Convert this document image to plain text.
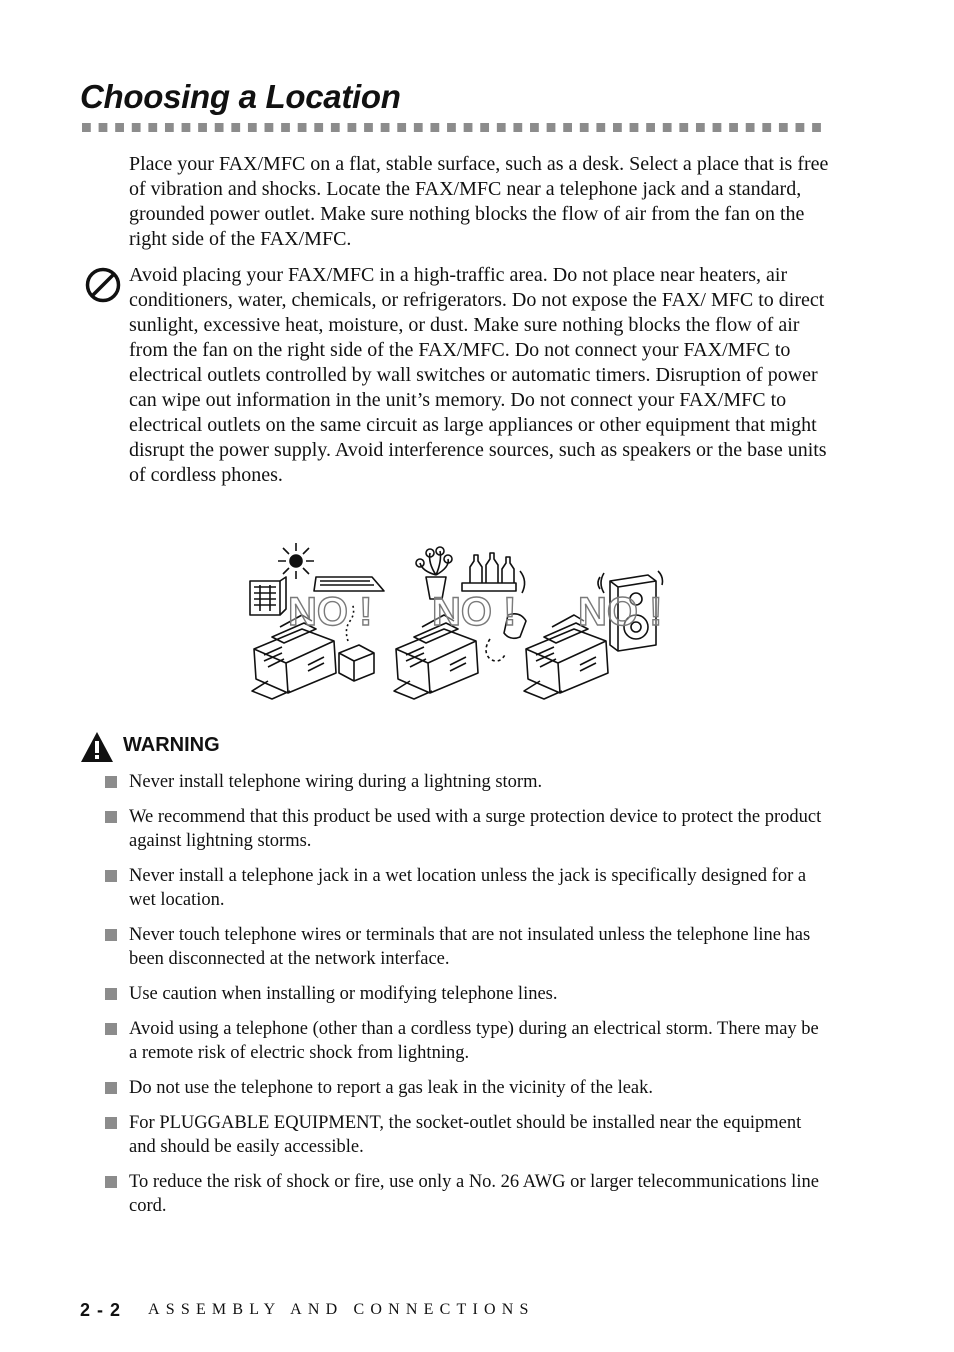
Choosing a Location

Place your FAX/MFC on a flat, stable surface, such as a desk. Select a place that is free of vibration and shocks. Locate the FAX/MFC near a telephone jack and a standard, grounded power outlet. Make sure nothing blocks the flow of air from the fan on the right side of the FAX/MFC.

Avoid placing your FAX/MFC in a high-traffic area. Do not place near heaters, air conditioners, water, chemicals, or refrigerators. Do not expose the FAX/ MFC to direct sunlight, excessive heat, moisture, or dust. Make sure nothing blocks the flow of air from the fan on the right side of the FAX/MFC. Do not connect your FAX/MFC to electrical outlets controlled by wall switches or automatic timers. Disruption of power can wipe out information in the unit’s memory. Do not connect your FAX/MFC to electrical outlets on the same circuit as large appliances or other equipment that might disrupt the power supply. Avoid interference sources, such as speakers or the base units of cordless phones.

NO ! NO ! NO !
WARNING
Never install telephone wiring during a lightning storm.
We recommend that this product be used with a surge protection device to protect the product against lightning storms.
Never install a telephone jack in a wet location unless the jack is specifically designed for a wet location.
Never touch telephone wires or terminals that are not insulated unless the telephone line has been disconnected at the network interface.
Use caution when installing or modifying telephone lines.
Avoid using a telephone (other than a cordless type) during an electrical storm. There may be a remote risk of electric shock from lightning.
Do not use the telephone to report a gas leak in the vicinity of the leak.
For PLUGGABLE EQUIPMENT, the socket-outlet should be installed near the equipment and should be easily accessible.
To reduce the risk of shock or fire, use only a No. 26 AWG or larger telecommunications line cord.
2 - 2 ASSEMBLY AND CONNECTIONS
